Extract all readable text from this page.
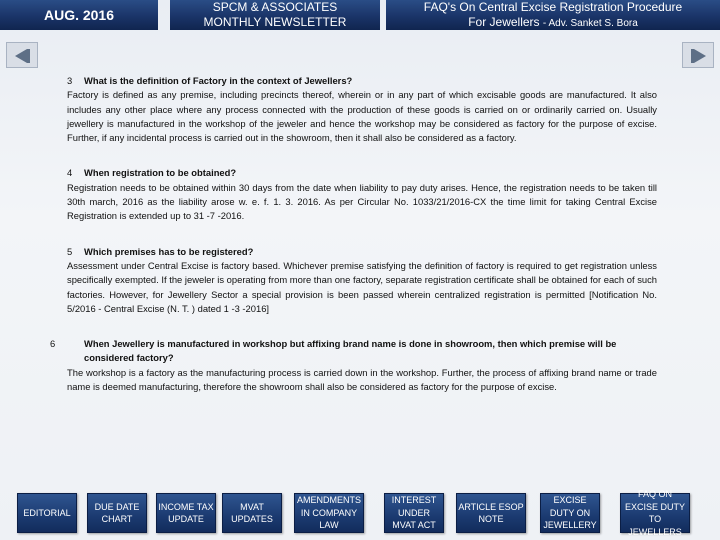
AUG. 2016	SPCM & ASSOCIATES
MONTHLY NEWSLETTER
FAQ's On Central Excise Registration Procedure
For Jewellers - Adv. Sanket S. Bora

3 What is the definition of Factory in the context of Jewellers?

Factory is defined as any premise, including precincts thereof, wherein or in any part of which excisable goods are manufactured. It also includes any other place where any process connected with the production of these goods is carried on or ordinarily carried on. Usually jewellery is manufactured in the workshop of the jeweler and hence the workshop may be considered as factory for the purpose of excise. Further, if any incidental process is carried out in the showroom, then it shall also be considered as a factory.

4 When registration to be obtained?

Registration needs to be obtained within 30 days from the date when liability to pay duty arises. Hence, the registration needs to be taken till 30th march, 2016 as the liability arose w. e. f. 1. 3. 2016. As per Circular No. 1033/21/2016-CX the time limit for taking Central Excise Registration is extended up to 31 -7 -2016.

5 Which premises has to be registered?

Assessment under Central Excise is factory based. Whichever premise satisfying the definition of factory is required to get registration unless specifically exempted. If the jeweler is operating from more than one factory, separate registration certificate shall be obtained for each of such factories. However, for Jewellery Sector a special provision is been passed wherein centralized registration is permitted [Notification No. 5/2016 - Central Excise (N. T. ) dated 1 -3 -2016]

6	When Jewellery is manufactured in workshop but affixing brand name is done in showroom, then which premise will be considered factory?

The workshop is a factory as the manufacturing process is carried down in the workshop. Further, the process of affixing brand name or trade name is deemed manufacturing, therefore the showroom shall also be considered as factory for the purpose of excise.

EDITORIAL
DUE DATE CHART
INCOME TAX UPDATE
MVAT UPDATES
AMENDMENTS IN COMPANY LAW
INTEREST UNDER MVAT ACT
ARTICLE ESOP NOTE
EXCISE DUTY ON JEWELLERY
FAQ ON EXCISE DUTY TO JEWELLERS
